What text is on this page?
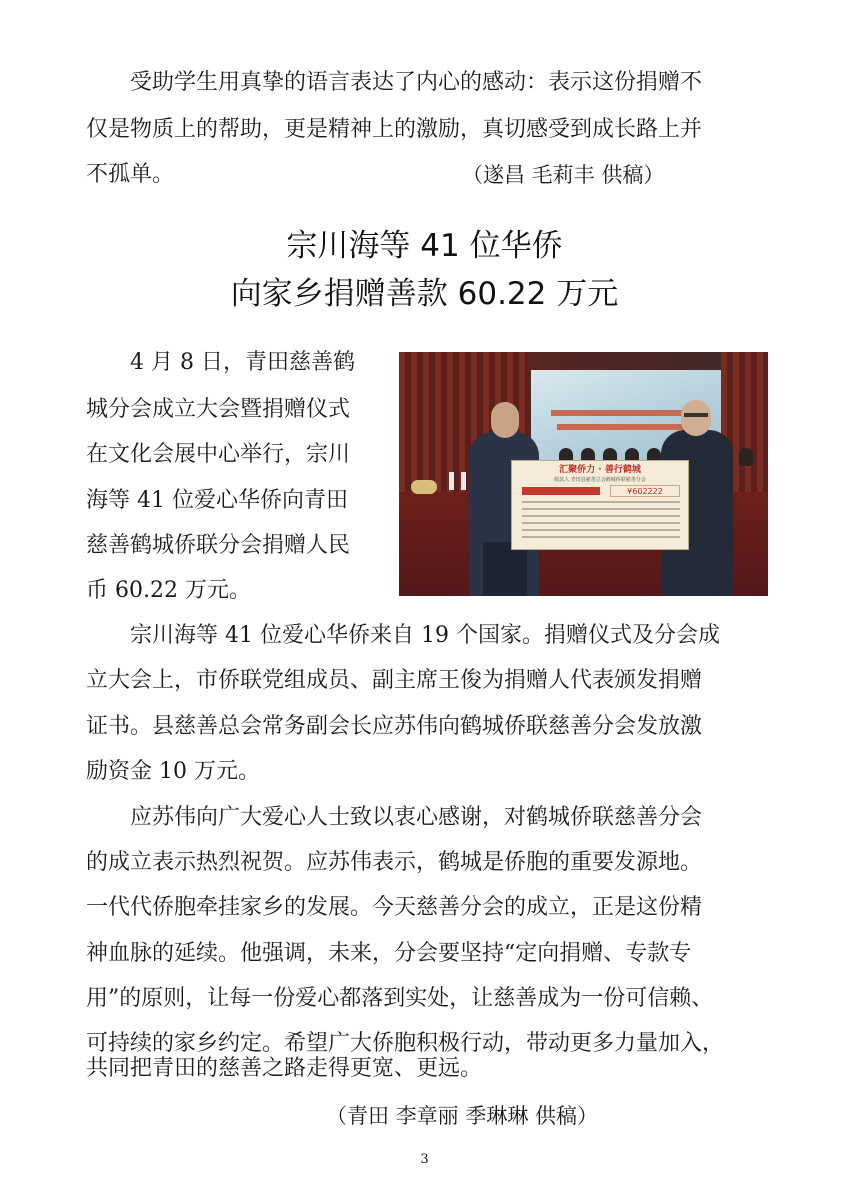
受助学生用真挚的语言表达了内心的感动：表示这份捐赠不
仅是物质上的帮助，更是精神上的激励，真切感受到成长路上并
不孤单。	（遂昌 毛莉丰 供稿）
宗川海等 41 位华侨
向家乡捐赠善款 60.22 万元
4 月 8 日，青田慈善鹤
城分会成立大会暨捐赠仪式
在文化会展中心举行，宗川
海等 41 位爱心华侨向青田
慈善鹤城侨联分会捐赠人民
币 60.22 万元。
汇聚侨力 · 善行鹤城
收款人 青田县慈善总会鹤城侨联慈善分会
¥602222
宗川海等 41 位爱心华侨来自 19 个国家。捐赠仪式及分会成
立大会上，市侨联党组成员、副主席王俊为捐赠人代表颁发捐赠
证书。县慈善总会常务副会长应苏伟向鹤城侨联慈善分会发放激
励资金 10 万元。
应苏伟向广大爱心人士致以衷心感谢，对鹤城侨联慈善分会
的成立表示热烈祝贺。应苏伟表示，鹤城是侨胞的重要发源地。
一代代侨胞牵挂家乡的发展。今天慈善分会的成立，正是这份精
神血脉的延续。他强调，未来，分会要坚持“定向捐赠、专款专
用”的原则，让每一份爱心都落到实处，让慈善成为一份可信赖、
可持续的家乡约定。希望广大侨胞积极行动，带动更多力量加入，
共同把青田的慈善之路走得更宽、更远。
（青田 李章丽 季琳琳 供稿）
3
